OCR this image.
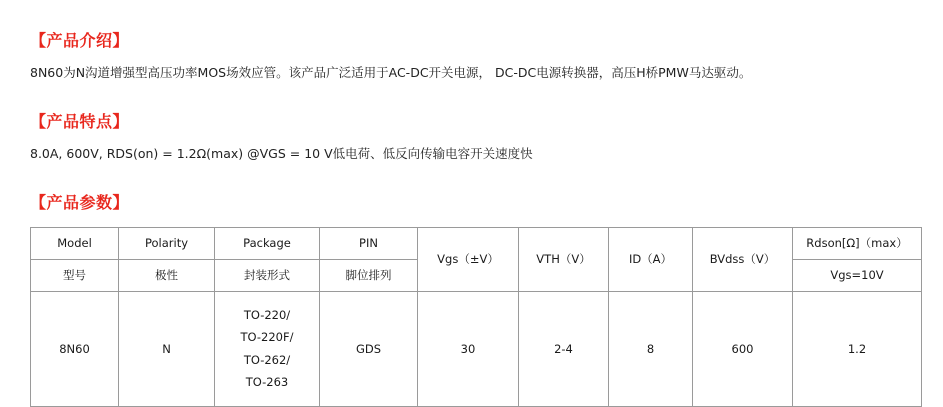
【产品介绍】
8N60为N沟道增强型高压功率MOS场效应管。该产品广泛适用于AC-DC开关电源， DC-DC电源转换器，高压H桥PMW马达驱动。
【产品特点】
8.0A, 600V, RDS(on) = 1.2Ω(max) @VGS = 10 V低电荷、低反向传输电容开关速度快
【产品参数】
Model	Polarity	Package	PIN	Vgs（±V）	VTH（V）	ID（A）	BVdss（V）	Rdson[Ω]（max）
型号	极性	封装形式	脚位排列					Vgs=10V
8N60	N	TO-220/
TO-220F/
TO-262/
TO-263	GDS	30	2-4	8	600	1.2
